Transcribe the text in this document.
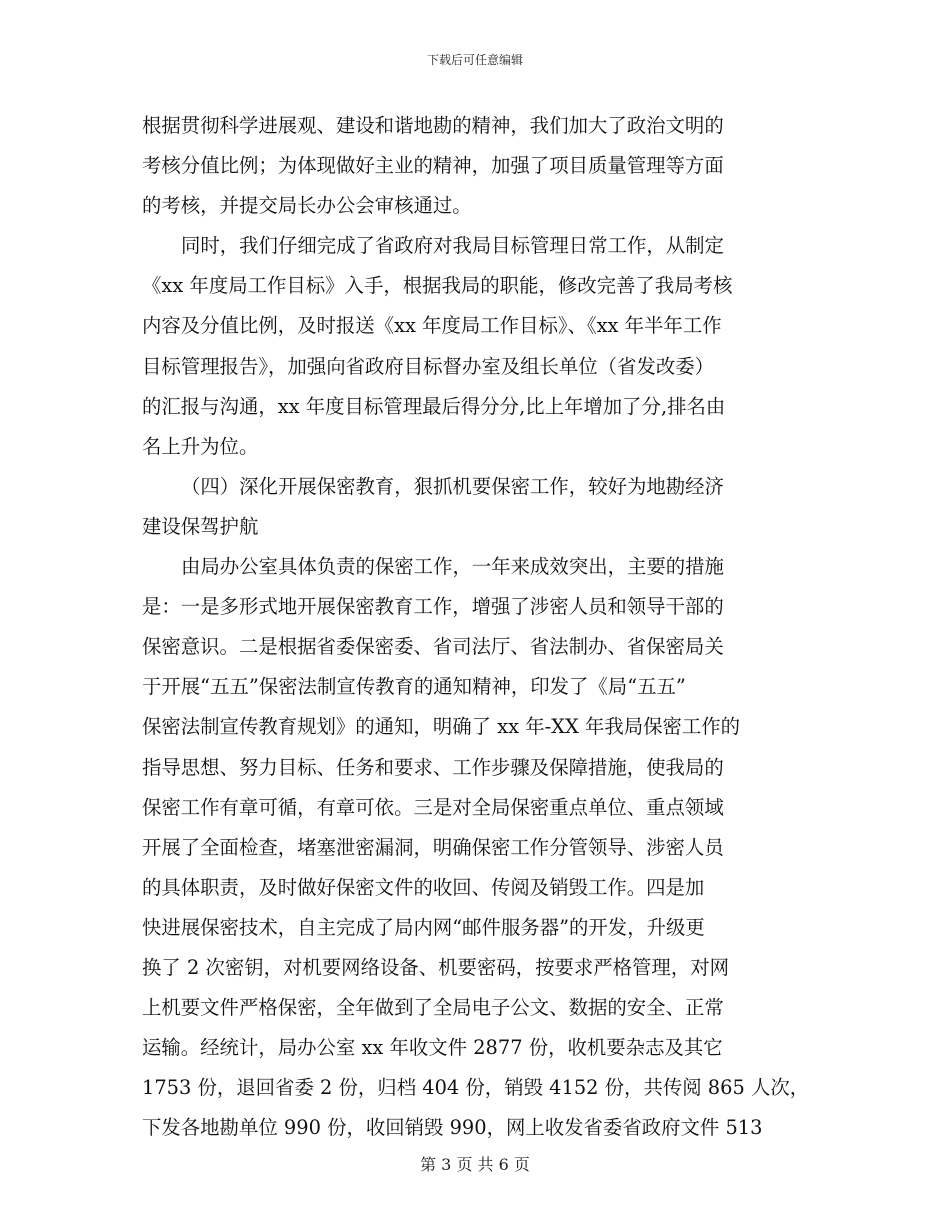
下载后可任意编辑
根据贯彻科学进展观、建设和谐地勘的精神，我们加大了政治文明的
考核分值比例；为体现做好主业的精神，加强了项目质量管理等方面
的考核，并提交局长办公会审核通过。
同时，我们仔细完成了省政府对我局目标管理日常工作，从制定
《xx 年度局工作目标》入手，根据我局的职能，修改完善了我局考核
内容及分值比例，及时报送《xx 年度局工作目标》、《xx 年半年工作
目标管理报告》，加强向省政府目标督办室及组长单位（省发改委）
的汇报与沟通，xx 年度目标管理最后得分分,比上年增加了分,排名由
名上升为位。
（四）深化开展保密教育，狠抓机要保密工作，较好为地勘经济
建设保驾护航
由局办公室具体负责的保密工作，一年来成效突出，主要的措施
是：一是多形式地开展保密教育工作，增强了涉密人员和领导干部的
保密意识。二是根据省委保密委、省司法厅、省法制办、省保密局关
于开展“五五”保密法制宣传教育的通知精神，印发了《局“五五”
保密法制宣传教育规划》的通知，明确了 xx 年-XX 年我局保密工作的
指导思想、努力目标、任务和要求、工作步骤及保障措施，使我局的
保密工作有章可循，有章可依。三是对全局保密重点单位、重点领域
开展了全面检查，堵塞泄密漏洞，明确保密工作分管领导、涉密人员
的具体职责，及时做好保密文件的收回、传阅及销毁工作。四是加
快进展保密技术，自主完成了局内网“邮件服务器”的开发，升级更
换了 2 次密钥，对机要网络设备、机要密码，按要求严格管理，对网
上机要文件严格保密，全年做到了全局电子公文、数据的安全、正常
运输。经统计，局办公室 xx 年收文件 2877 份，收机要杂志及其它
1753 份，退回省委 2 份，归档 404 份，销毁 4152 份，共传阅 865 人次，
下发各地勘单位 990 份，收回销毁 990，网上收发省委省政府文件 513
第 3 页 共 6 页
